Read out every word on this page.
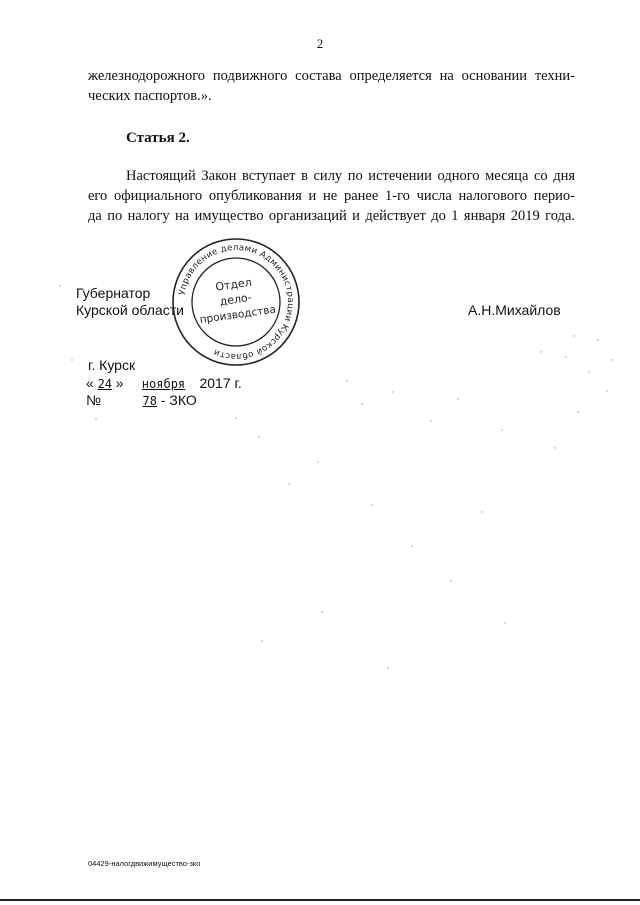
2
железнодорожного подвижного состава определяется на основании техни-
ческих паспортов.».
Статья 2.
Настоящий Закон вступает в силу по истечении одного месяца со дня
его официального опубликования и не ранее 1-го числа налогового перио-
да по налогу на имущество организаций и действует до 1 января 2019 года.
Управление делами Администрации Курской области
Отдел
дело-
производства
Губернатор
Курской области	А.Н.Михайлов
г. Курск
« 24 » ноября 2017 г.
№	78 - ЗКО
04429-налогдвижимущество-зко
